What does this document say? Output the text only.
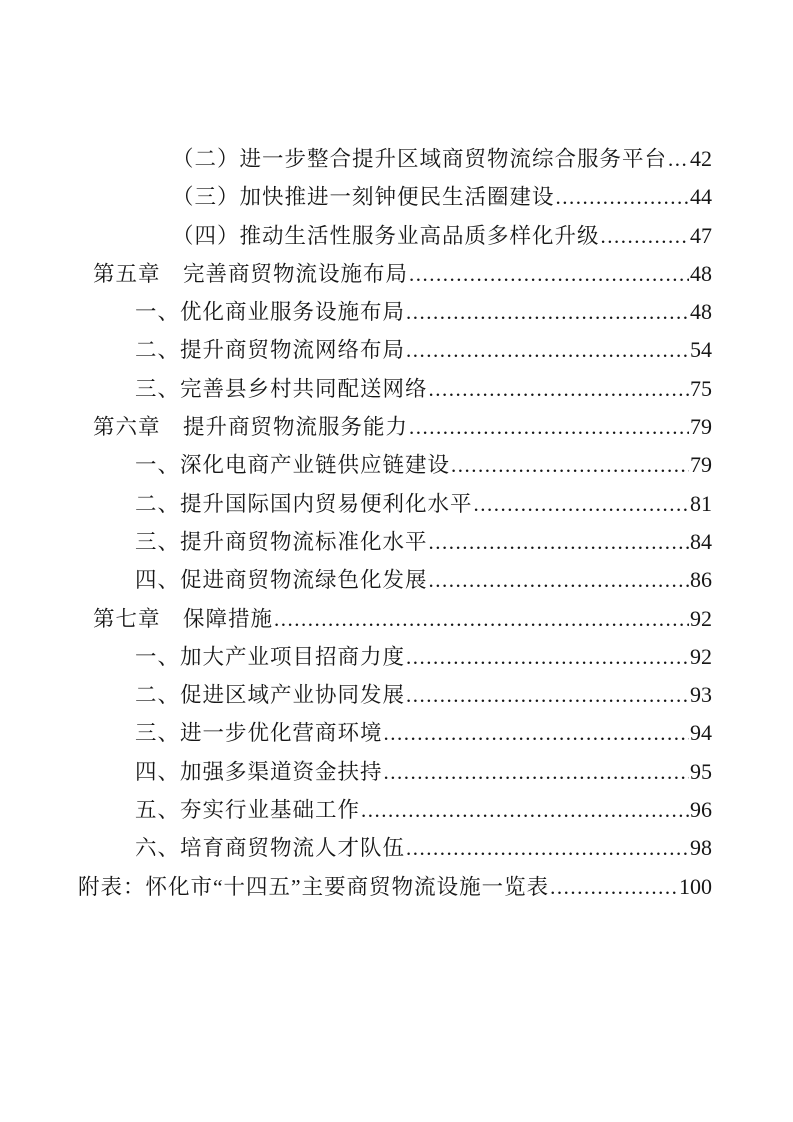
（二）进一步整合提升区域商贸物流综合服务平台 ..... 42
（三）加快推进一刻钟便民生活圈建设 .....	44
（四）推动生活性服务业高品质多样化升级 .....	47
第五章　完善商贸物流设施布局 .....	48
一、优化商业服务设施布局 .....	48
二、提升商贸物流网络布局 .....	54
三、完善县乡村共同配送网络 .....	75
第六章　提升商贸物流服务能力 .....	79
一、深化电商产业链供应链建设 .....	79
二、提升国际国内贸易便利化水平 .....	81
三、提升商贸物流标准化水平 .....	84
四、促进商贸物流绿色化发展 .....	86
第七章　保障措施 .....	92
一、加大产业项目招商力度 .....	92
二、促进区域产业协同发展 .....	93
三、进一步优化营商环境 .....	94
四、加强多渠道资金扶持 .....	95
五、夯实行业基础工作 .....	96
六、培育商贸物流人才队伍 .....	98
附表：怀化市“十四五”主要商贸物流设施一览表 .....	100
